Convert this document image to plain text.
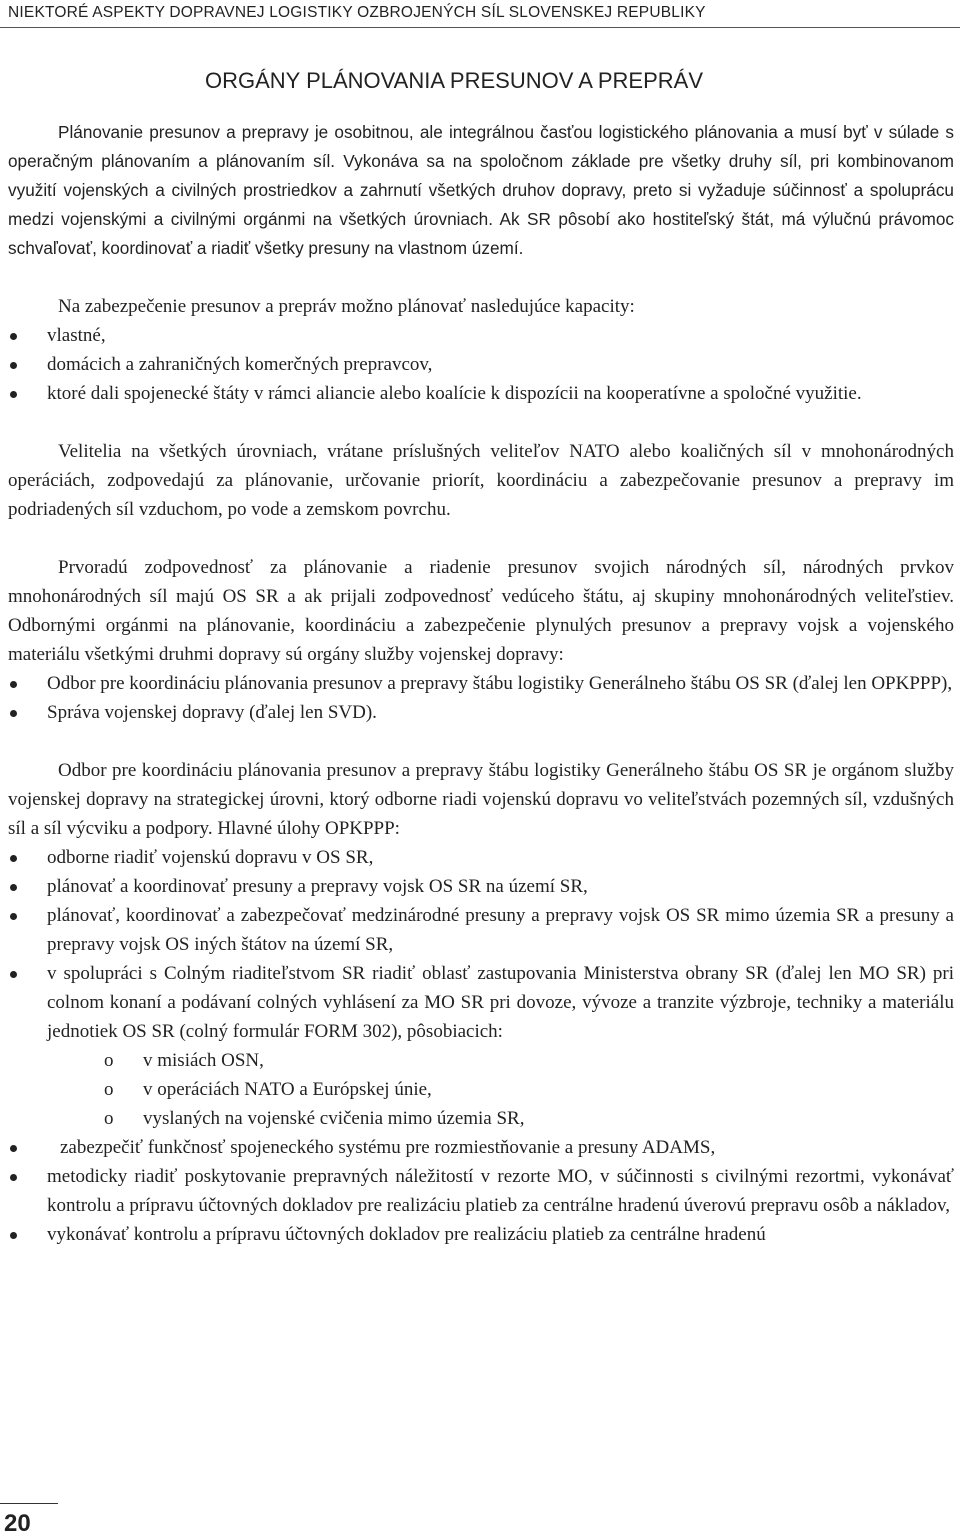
NIEKTORÉ ASPEKTY DOPRAVNEJ LOGISTIKY OZBROJENÝCH SÍL SLOVENSKEJ REPUBLIKY
ORGÁNY PLÁNOVANIA PRESUNOV A PREPRÁV

Plánovanie presunov a prepravy je osobitnou, ale integrálnou časťou logistického plánovania a musí byť v súlade s operačným plánovaním a plánovaním síl. Vykonáva sa na spoločnom základe pre všetky druhy síl, pri kombinovanom využití vojenských a civilných prostriedkov a zahrnutí všetkých druhov dopravy, preto si vyžaduje súčinnosť a spoluprácu medzi vojenskými a civilnými orgánmi na všetkých úrovniach. Ak SR pôsobí ako hostiteľský štát, má výlučnú právomoc schvaľovať, koordinovať a riadiť všetky presuny na vlastnom území.

Na zabezpečenie presunov a prepráv možno plánovať nasledujúce kapacity:

vlastné,
domácich a zahraničných komerčných prepravcov,
ktoré dali spojenecké štáty v rámci aliancie alebo koalície k dispozícii na kooperatívne a spoločné využitie.

Velitelia na všetkých úrovniach, vrátane príslušných veliteľov NATO alebo koaličných síl v mnohonárodných operáciách, zodpovedajú za plánovanie, určovanie priorít, koordináciu a zabezpečovanie presunov a prepravy im podriadených síl vzduchom, po vode a zemskom povrchu.

Prvoradú zodpovednosť za plánovanie a riadenie presunov svojich národných síl, národných prvkov mnohonárodných síl majú OS SR a ak prijali zodpovednosť vedúceho štátu, aj skupiny mnohonárodných veliteľstiev. Odbornými orgánmi na plánovanie, koordináciu a zabezpečenie plynulých presunov a prepravy vojsk a vojenského materiálu všetkými druhmi dopravy sú orgány služby vojenskej dopravy:

Odbor pre koordináciu plánovania presunov a prepravy štábu logistiky Generálneho štábu OS SR (ďalej len OPKPPP),
Správa vojenskej dopravy (ďalej len SVD).

Odbor pre koordináciu plánovania presunov a prepravy štábu logistiky Generálneho štábu OS SR je orgánom služby vojenskej dopravy na strategickej úrovni, ktorý odborne riadi vojenskú dopravu vo veliteľstvách pozemných síl, vzdušných síl a síl výcviku a podpory. Hlavné úlohy OPKPPP:

odborne riadiť vojenskú dopravu v OS SR,
plánovať a koordinovať presuny a prepravy vojsk OS SR na území SR,
plánovať, koordinovať a zabezpečovať medzinárodné presuny a prepravy vojsk OS SR mimo územia SR a presuny a prepravy vojsk OS iných štátov na území SR,
v spolupráci s Colným riaditeľstvom SR riadiť oblasť zastupovania Ministerstva obrany SR (ďalej len MO SR) pri colnom konaní a podávaní colných vyhlásení za MO SR pri dovoze, vývoze a tranzite výzbroje, techniky a materiálu jednotiek OS SR (colný formulár FORM 302), pôsobiacich:
o v misiách OSN,
o v operáciách NATO a Európskej únie,
o vyslaných na vojenské cvičenia mimo územia SR,
zabezpečiť funkčnosť spojeneckého systému pre rozmiestňovanie a presuny ADAMS,
metodicky riadiť poskytovanie prepravných náležitostí v rezorte MO, v súčinnosti s civilnými rezortmi, vykonávať kontrolu a prípravu účtovných dokladov pre realizáciu platieb za centrálne hradenú úverovú prepravu osôb a nákladov,
vykonávať kontrolu a prípravu účtovných dokladov pre realizáciu platieb za centrálne hradenú
20
